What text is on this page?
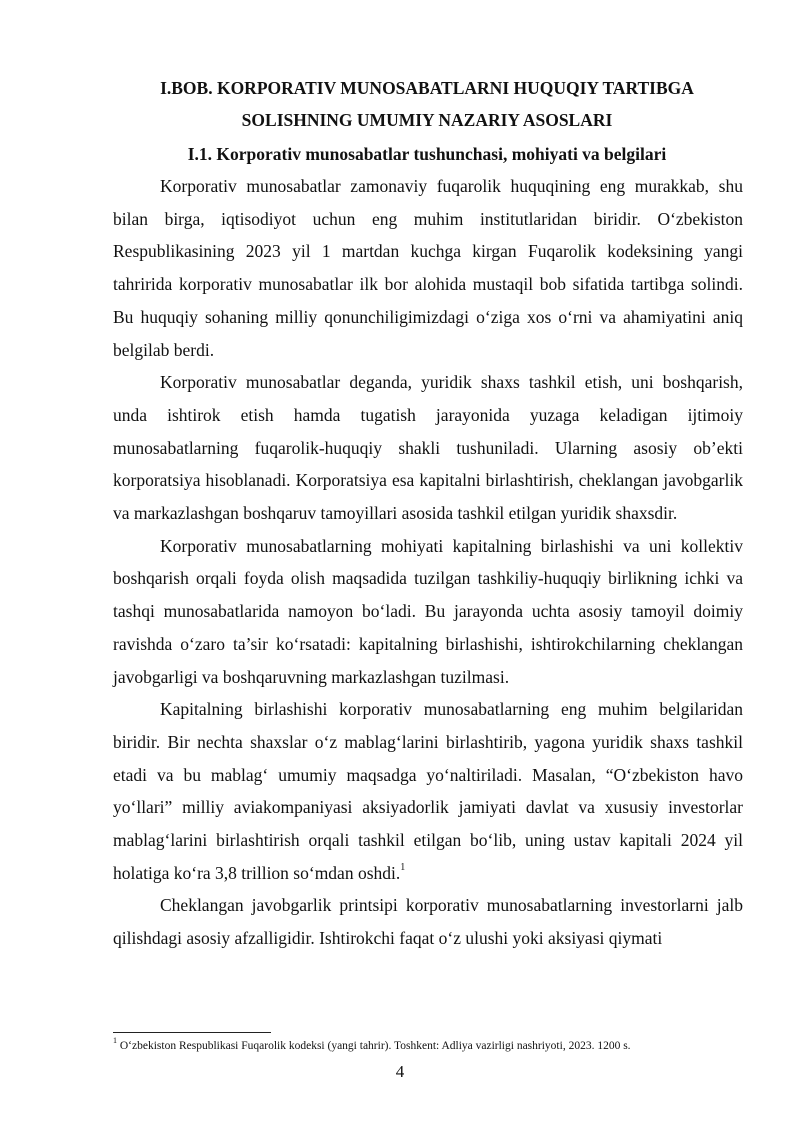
I.BOB. KORPORATIV MUNOSABATLARNI HUQUQIY TARTIBGA
SOLISHNING UMUMIY NAZARIY ASOSLARI
I.1. Korporativ munosabatlar tushunchasi, mohiyati va belgilari

Korporativ munosabatlar zamonaviy fuqarolik huquqining eng murakkab, shu bilan birga, iqtisodiyot uchun eng muhim institutlaridan biridir. O‘zbekiston Respublikasining 2023 yil 1 martdan kuchga kirgan Fuqarolik kodeksining yangi tahririda korporativ munosabatlar ilk bor alohida mustaqil bob sifatida tartibga solindi. Bu huquqiy sohaning milliy qonunchiligimizdagi o‘ziga xos o‘rni va ahamiyatini aniq belgilab berdi.

Korporativ munosabatlar deganda, yuridik shaxs tashkil etish, uni boshqarish, unda ishtirok etish hamda tugatish jarayonida yuzaga keladigan ijtimoiy munosabatlarning fuqarolik-huquqiy shakli tushuniladi. Ularning asosiy ob’ekti korporatsiya hisoblanadi. Korporatsiya esa kapitalni birlashtirish, cheklangan javobgarlik va markazlashgan boshqaruv tamoyillari asosida tashkil etilgan yuridik shaxsdir.

Korporativ munosabatlarning mohiyati kapitalning birlashishi va uni kollektiv boshqarish orqali foyda olish maqsadida tuzilgan tashkiliy-huquqiy birlikning ichki va tashqi munosabatlarida namoyon bo‘ladi. Bu jarayonda uchta asosiy tamoyil doimiy ravishda o‘zaro ta’sir ko‘rsatadi: kapitalning birlashishi, ishtirokchilarning cheklangan javobgarligi va boshqaruvning markazlashgan tuzilmasi.

Kapitalning birlashishi korporativ munosabatlarning eng muhim belgilaridan biridir. Bir nechta shaxslar o‘z mablag‘larini birlashtirib, yagona yuridik shaxs tashkil etadi va bu mablag‘ umumiy maqsadga yo‘naltiriladi. Masalan, “O‘zbekiston havo yo‘llari” milliy aviakompaniyasi aksiyadorlik jamiyati davlat va xususiy investorlar mablag‘larini birlashtirish orqali tashkil etilgan bo‘lib, uning ustav kapitali 2024 yil holatiga ko‘ra 3,8 trillion so‘mdan oshdi.$^1$

Cheklangan javobgarlik printsipi korporativ munosabatlarning investorlarni jalb qilishdagi asosiy afzalligidir. Ishtirokchi faqat o‘z ulushi yoki aksiyasi qiymati

$^1$ O‘zbekiston Respublikasi Fuqarolik kodeksi (yangi tahrir). Toshkent: Adliya vazirligi nashriyoti, 2023. 1200 s.
4
